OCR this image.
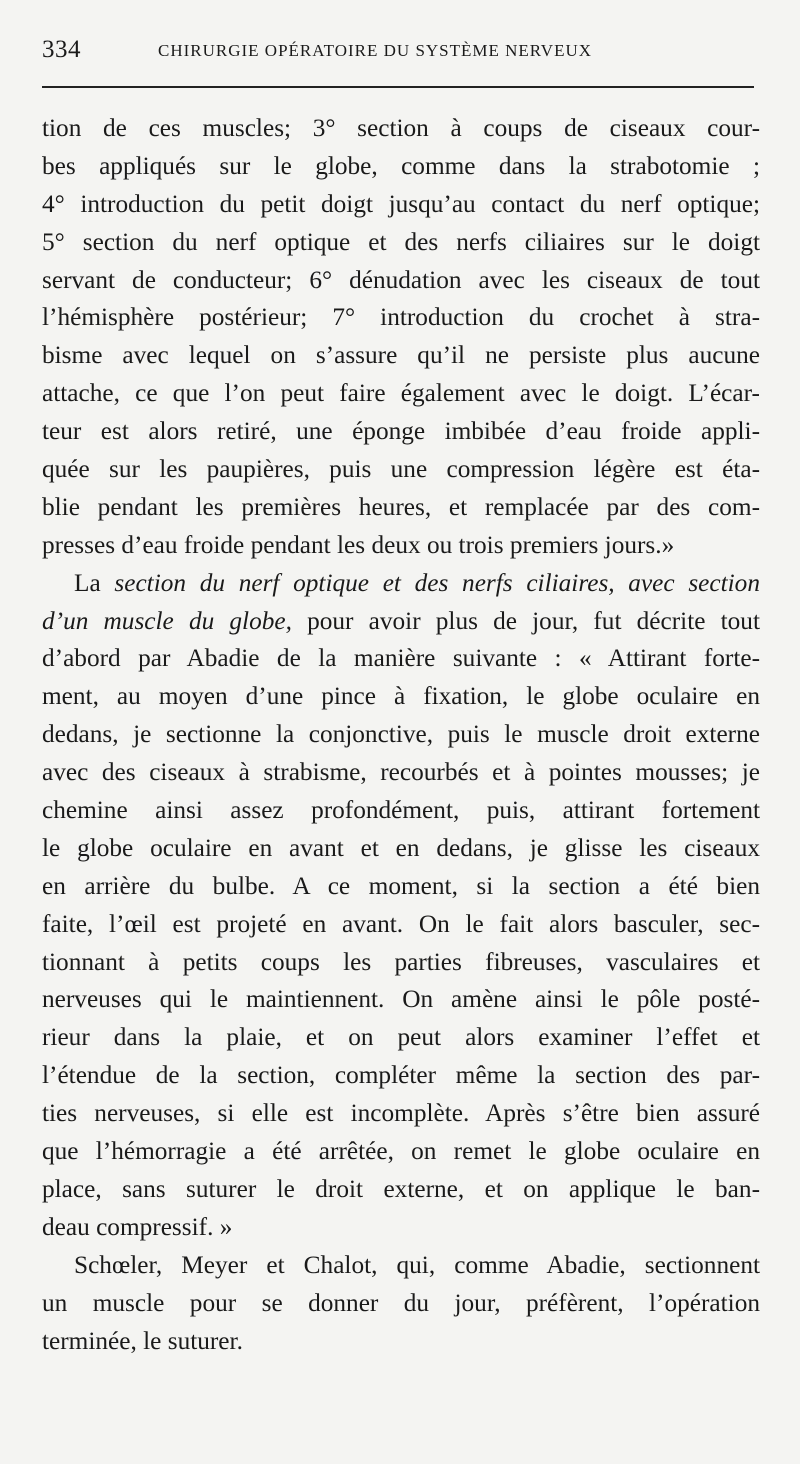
334	CHIRURGIE OPÉRATOIRE DU SYSTÈME NERVEUX
tion de ces muscles; 3° section à coups de ciseaux cour-
bes appliqués sur le globe, comme dans la strabotomie ;
4° introduction du petit doigt jusqu’au contact du nerf optique;
5° section du nerf optique et des nerfs ciliaires sur le doigt
servant de conducteur; 6° dénudation avec les ciseaux de tout
l’hémisphère postérieur; 7° introduction du crochet à stra-
bisme avec lequel on s’assure qu’il ne persiste plus aucune
attache, ce que l’on peut faire également avec le doigt. L’écar-
teur est alors retiré, une éponge imbibée d’eau froide appli-
quée sur les paupières, puis une compression légère est éta-
blie pendant les premières heures, et remplacée par des com-
presses d’eau froide pendant les deux ou trois premiers jours.»
La section du nerf optique et des nerfs ciliaires, avec section
d’un muscle du globe, pour avoir plus de jour, fut décrite tout
d’abord par Abadie de la manière suivante : « Attirant forte-
ment, au moyen d’une pince à fixation, le globe oculaire en
dedans, je sectionne la conjonctive, puis le muscle droit externe
avec des ciseaux à strabisme, recourbés et à pointes mousses; je
chemine ainsi assez profondément, puis, attirant fortement
le globe oculaire en avant et en dedans, je glisse les ciseaux
en arrière du bulbe. A ce moment, si la section a été bien
faite, l’œil est projeté en avant. On le fait alors basculer, sec-
tionnant à petits coups les parties fibreuses, vasculaires et
nerveuses qui le maintiennent. On amène ainsi le pôle posté-
rieur dans la plaie, et on peut alors examiner l’effet et
l’étendue de la section, compléter même la section des par-
ties nerveuses, si elle est incomplète. Après s’être bien assuré
que l’hémorragie a été arrêtée, on remet le globe oculaire en
place, sans suturer le droit externe, et on applique le ban-
deau compressif. »
Schœler, Meyer et Chalot, qui, comme Abadie, sectionnent
un muscle pour se donner du jour, préfèrent, l’opération
terminée, le suturer.
